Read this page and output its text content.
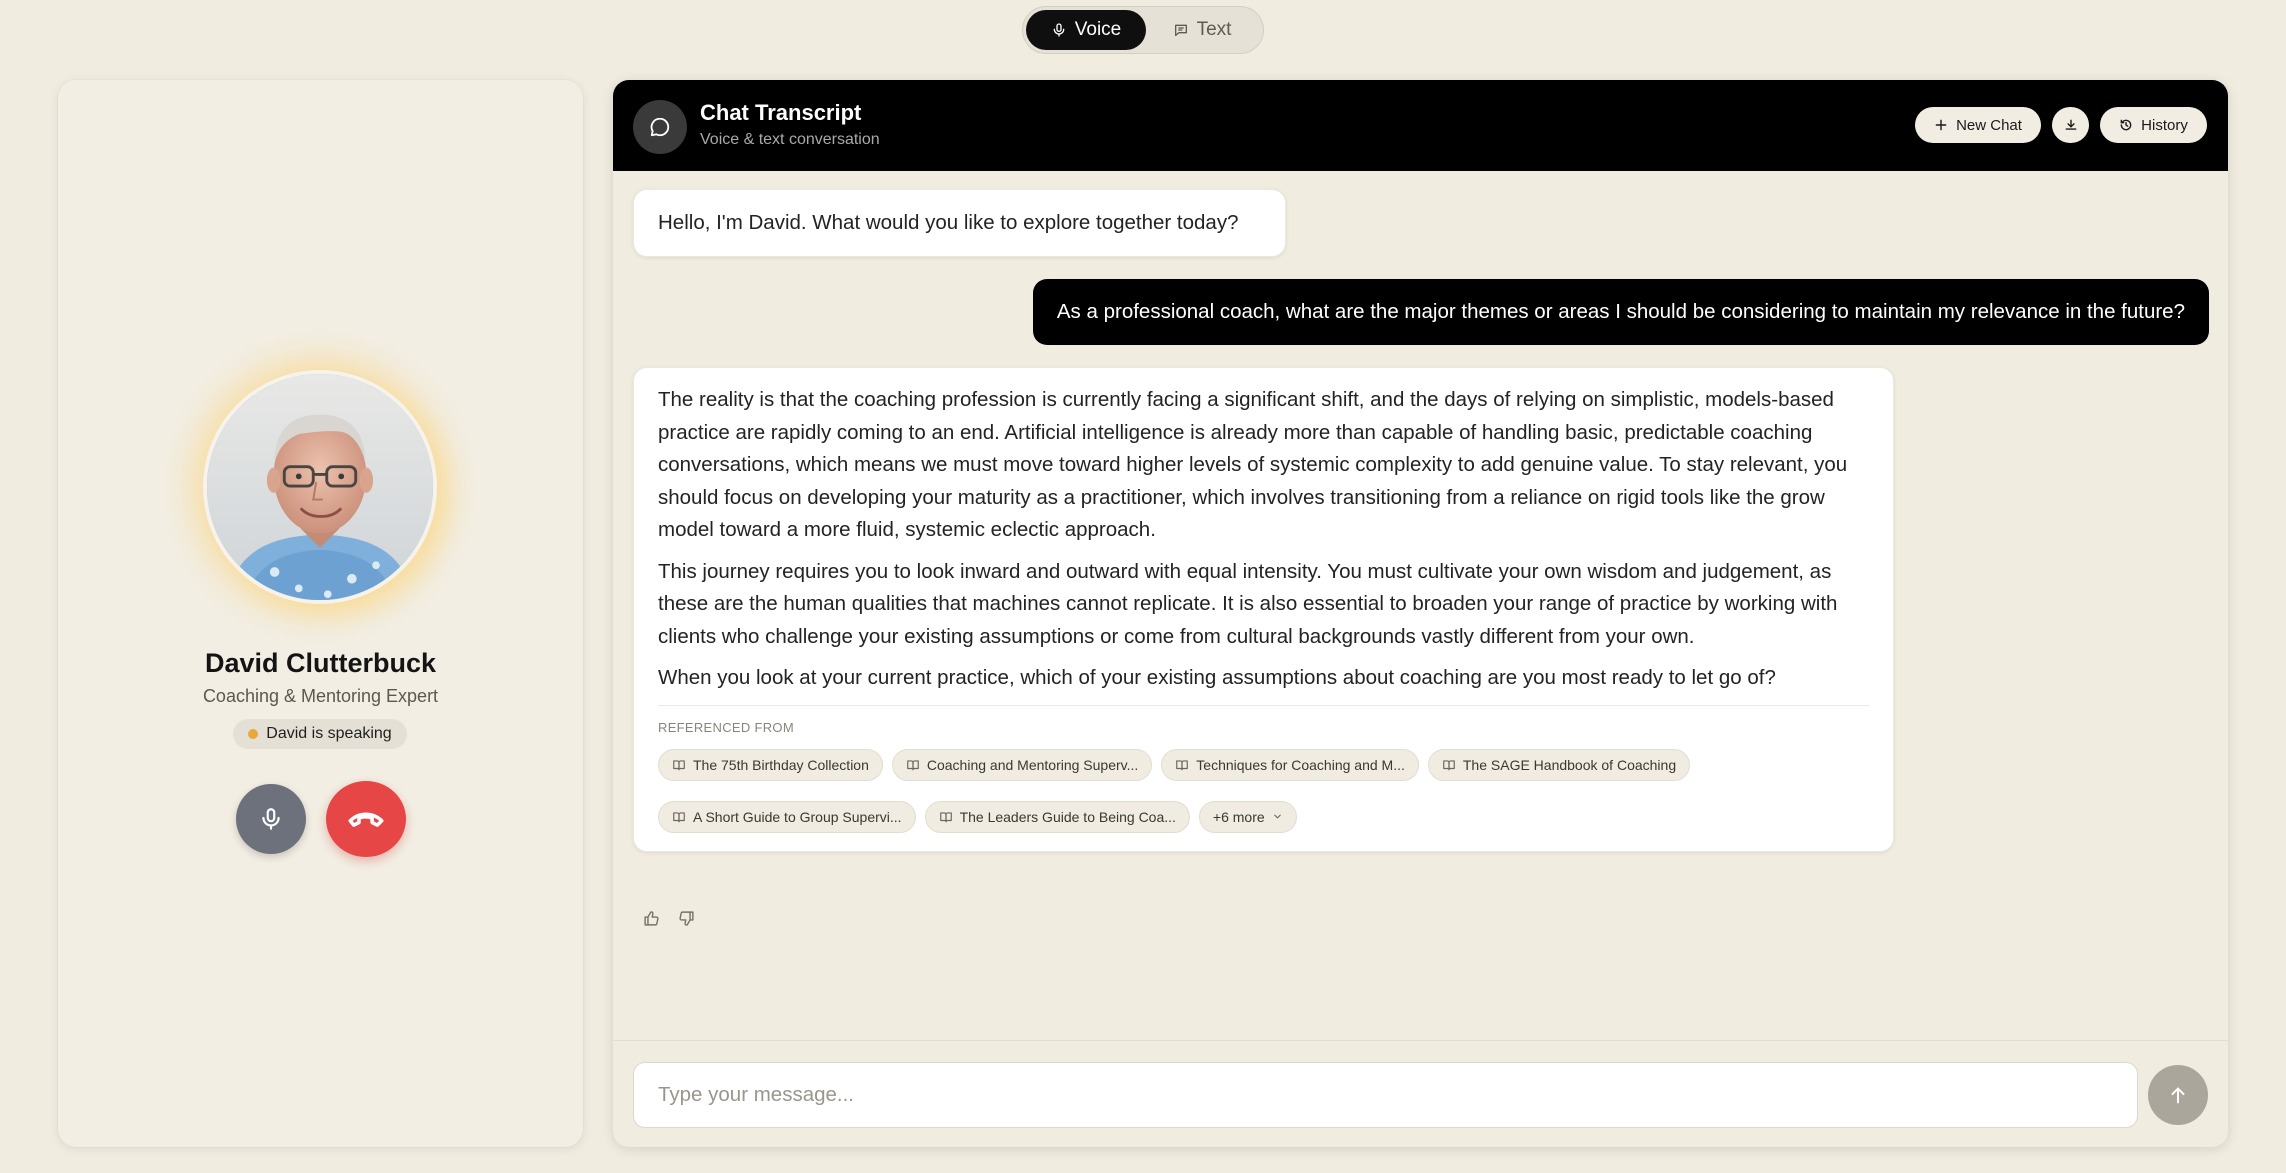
Voice	Text
David Clutterbuck
Coaching & Mentoring Expert
David is speaking
Chat Transcript
Voice & text conversation
New Chat	History
Hello, I'm David. What would you like to explore together today?
As a professional coach, what are the major themes or areas I should be considering to maintain my relevance in the future?

The reality is that the coaching profession is currently facing a significant shift, and the days of relying on simplistic, models-based practice are rapidly coming to an end. Artificial intelligence is already more than capable of handling basic, predictable coaching conversations, which means we must move toward higher levels of systemic complexity to add genuine value. To stay relevant, you should focus on developing your maturity as a practitioner, which involves transitioning from a reliance on rigid tools like the grow model toward a more fluid, systemic eclectic approach.

This journey requires you to look inward and outward with equal intensity. You must cultivate your own wisdom and judgement, as these are the human qualities that machines cannot replicate. It is also essential to broaden your range of practice by working with clients who challenge your existing assumptions or come from cultural backgrounds vastly different from your own.

When you look at your current practice, which of your existing assumptions about coaching are you most ready to let go of?

REFERENCED FROM
The 75th Birthday Collection	Coaching and Mentoring Superv...	Techniques for Coaching and M...	The SAGE Handbook of Coaching
A Short Guide to Group Supervi...	The Leaders Guide to Being Coa...	+6 more
Type your message...
